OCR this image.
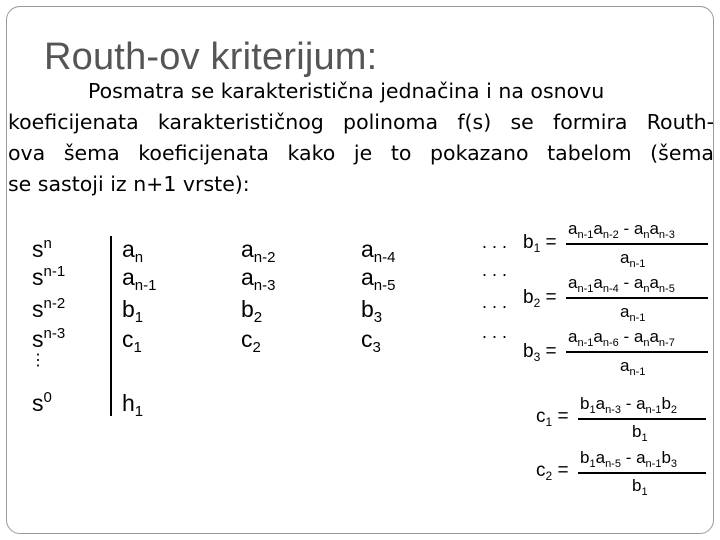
Routh-ov kriterijum:
Posmatra se karakteristična jednačina i na osnovu
koeficijenata karakterističnog polinoma f(s) se formira Routh-
ova šema koeficijenata kako je to pokazano tabelom (šema
se sastoji iz n+1 vrste):
$s^n$	$a_n$	$a_{n-2}$	$a_{n-4}$
. . .
$s^{n-1}$ $a_{n-1}$	$a_{n-3}$	$a_{n-5}$
. . .
$s^{n-2}$ $b_1$	$b_2$	$b_3$
. . .
$s^{n-3}$ $c_1$	$c_2$	$c_3$
. . .
$s^0$	$h_1$
⋮
$b_1$ =
$a_{n-1}a_{n-2} - a_na_{n-3}$
$a_{n-1}$
$b_2$ =
$a_{n-1}a_{n-4} - a_na_{n-5}$
$a_{n-1}$
$b_3$ =
$a_{n-1}a_{n-6} - a_na_{n-7}$
$a_{n-1}$
$c_1$ =
$b_1a_{n-3} - a_{n-1}b_2$
$b_1$
$c_2$ =
$b_1a_{n-5} - a_{n-1}b_3$
$b_1$
